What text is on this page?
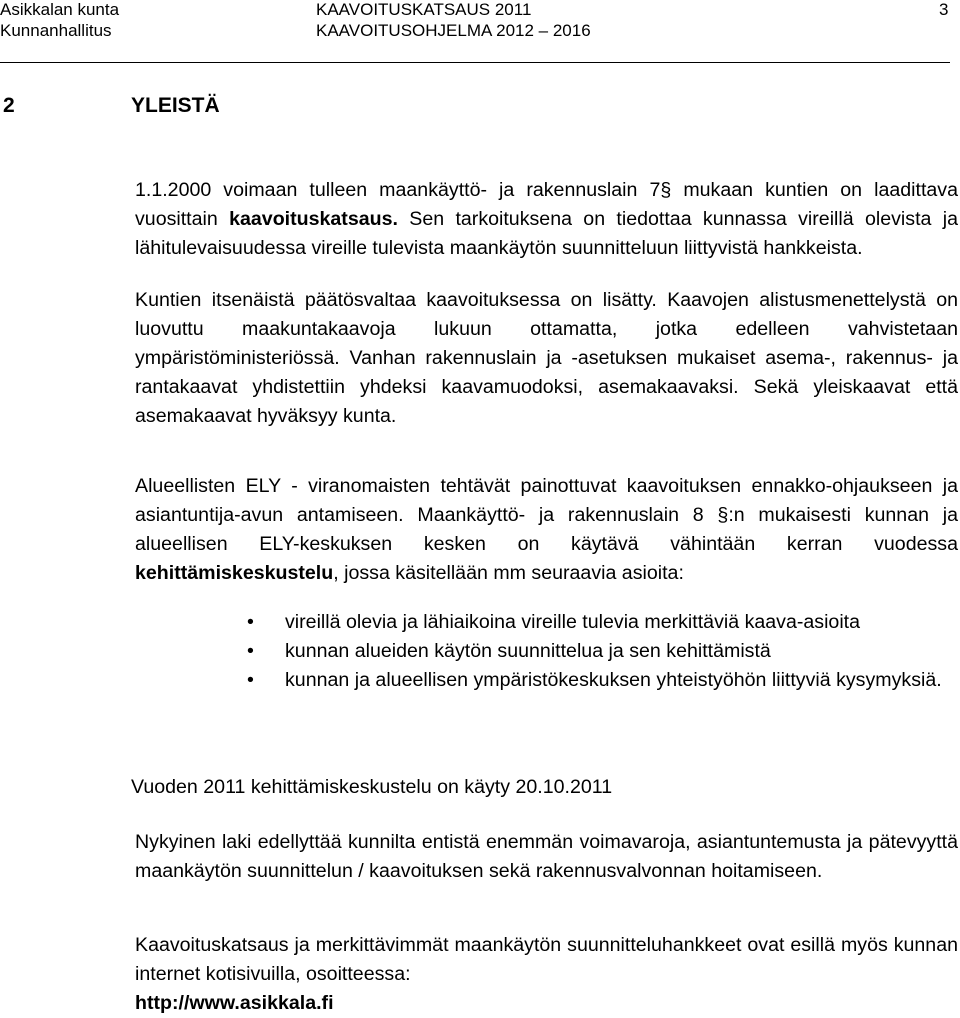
Asikkalan kunta
Kunnanhallitus
KAAVOITUSKATSAUS 2011
KAAVOITUSOHJELMA 2012 – 2016
3
2	YLEISTÄ

1.1.2000 voimaan tulleen maankäyttö- ja rakennuslain 7§ mukaan kuntien on laadittava vuosittain kaavoituskatsaus. Sen tarkoituksena on tiedottaa kunnassa vireillä olevista ja lähitulevaisuudessa vireille tulevista maankäytön suunnitteluun liittyvistä hankkeista.

Kuntien itsenäistä päätösvaltaa kaavoituksessa on lisätty. Kaavojen alistusmenettelystä on luovuttu maakuntakaavoja lukuun ottamatta, jotka edelleen vahvistetaan ympäristöministeriössä. Vanhan rakennuslain ja -asetuksen mukaiset asema-, rakennus- ja rantakaavat yhdistettiin yhdeksi kaavamuodoksi, asemakaavaksi. Sekä yleiskaavat että asemakaavat hyväksyy kunta.

Alueellisten ELY - viranomaisten tehtävät painottuvat kaavoituksen ennakko-ohjaukseen ja asiantuntija-avun antamiseen. Maankäyttö- ja rakennuslain 8 §:n mukaisesti kunnan ja alueellisen ELY-keskuksen kesken on käytävä vähintään kerran vuodessa kehittämiskeskustelu, jossa käsitellään mm seuraavia asioita:

• vireillä olevia ja lähiaikoina vireille tulevia merkittäviä kaava-asioita
• kunnan alueiden käytön suunnittelua ja sen kehittämistä
• kunnan ja alueellisen ympäristökeskuksen yhteistyöhön liittyviä kysymyksiä.

Vuoden 2011 kehittämiskeskustelu on käyty 20.10.2011

Nykyinen laki edellyttää kunnilta entistä enemmän voimavaroja, asiantuntemusta ja pätevyyttä maankäytön suunnittelun / kaavoituksen sekä rakennusvalvonnan hoitamiseen.

Kaavoituskatsaus ja merkittävimmät maankäytön suunnitteluhankkeet ovat esillä myös kunnan internet kotisivuilla, osoitteessa:

http://www.asikkala.fi
